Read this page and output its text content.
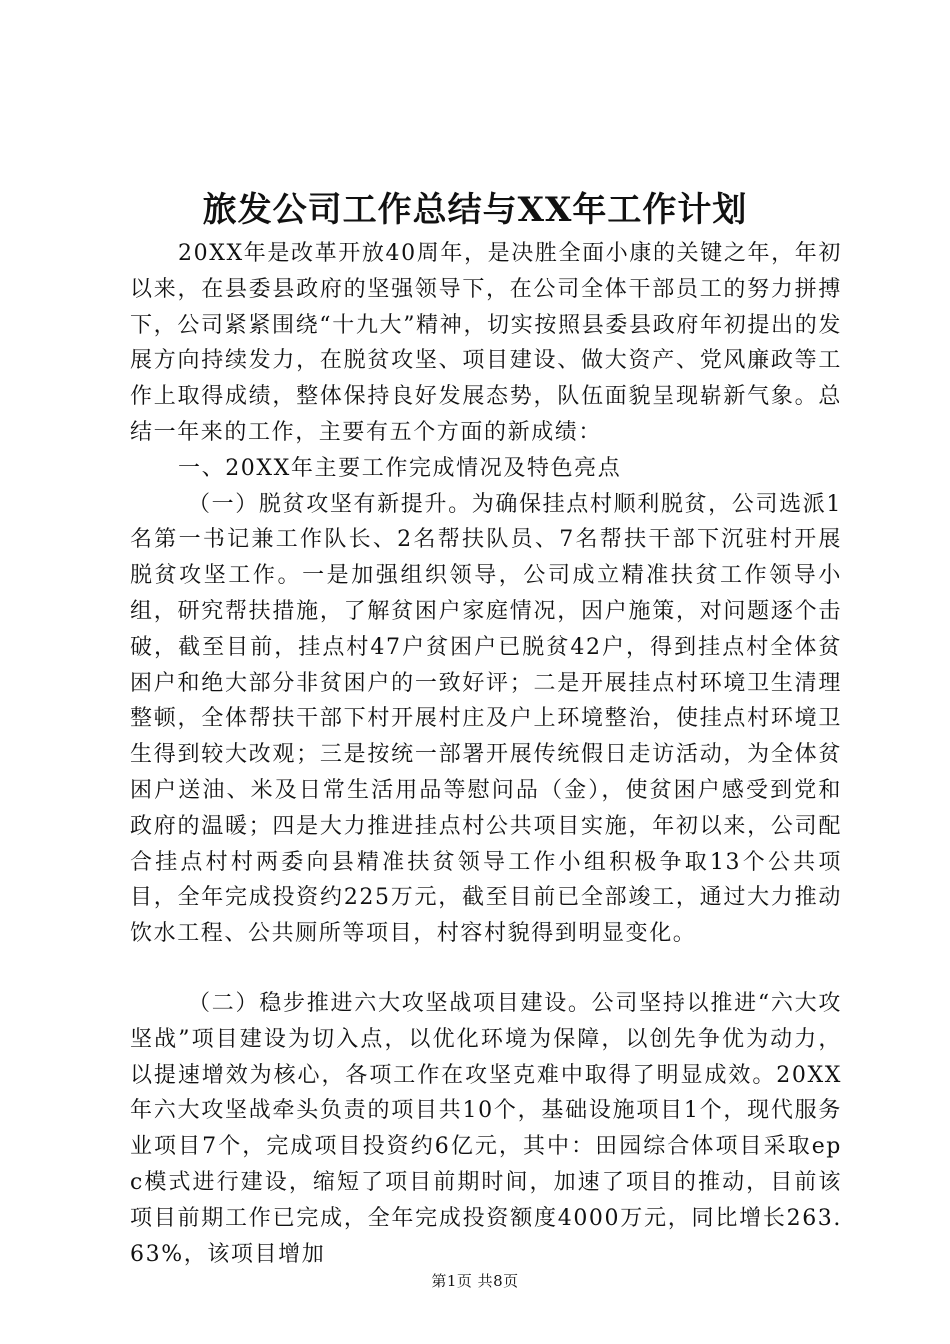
旅发公司工作总结与XX年工作计划

20XX年是改革开放40周年，是决胜全面小康的关键之年，年初以来，在县委县政府的坚强领导下，在公司全体干部员工的努力拼搏下，公司紧紧围绕“十九大”精神，切实按照县委县政府年初提出的发展方向持续发力，在脱贫攻坚、项目建设、做大资产、党风廉政等工作上取得成绩，整体保持良好发展态势，队伍面貌呈现崭新气象。总结一年来的工作，主要有五个方面的新成绩：

一、20XX年主要工作完成情况及特色亮点

（一）脱贫攻坚有新提升。为确保挂点村顺利脱贫，公司选派1名第一书记兼工作队长、2名帮扶队员、7名帮扶干部下沉驻村开展脱贫攻坚工作。一是加强组织领导，公司成立精准扶贫工作领导小组，研究帮扶措施，了解贫困户家庭情况，因户施策，对问题逐个击破，截至目前，挂点村47户贫困户已脱贫42户，得到挂点村全体贫困户和绝大部分非贫困户的一致好评；二是开展挂点村环境卫生清理整顿，全体帮扶干部下村开展村庄及户上环境整治，使挂点村环境卫生得到较大改观；三是按统一部署开展传统假日走访活动，为全体贫困户送油、米及日常生活用品等慰问品（金），使贫困户感受到党和政府的温暖；四是大力推进挂点村公共项目实施，年初以来，公司配合挂点村村两委向县精准扶贫领导工作小组积极争取13个公共项目，全年完成投资约225万元，截至目前已全部竣工，通过大力推动饮水工程、公共厕所等项目，村容村貌得到明显变化。

（二）稳步推进六大攻坚战项目建设。公司坚持以推进“六大攻坚战”项目建设为切入点，以优化环境为保障，以创先争优为动力，以提速增效为核心，各项工作在攻坚克难中取得了明显成效。20XX年六大攻坚战牵头负责的项目共10个，基础设施项目1个，现代服务业项目7个，完成项目投资约6亿元，其中：田园综合体项目采取epc模式进行建设，缩短了项目前期时间，加速了项目的推动，目前该项目前期工作已完成，全年完成投资额度4000万元，同比增长263.63%，该项目增加

第1页 共8页
